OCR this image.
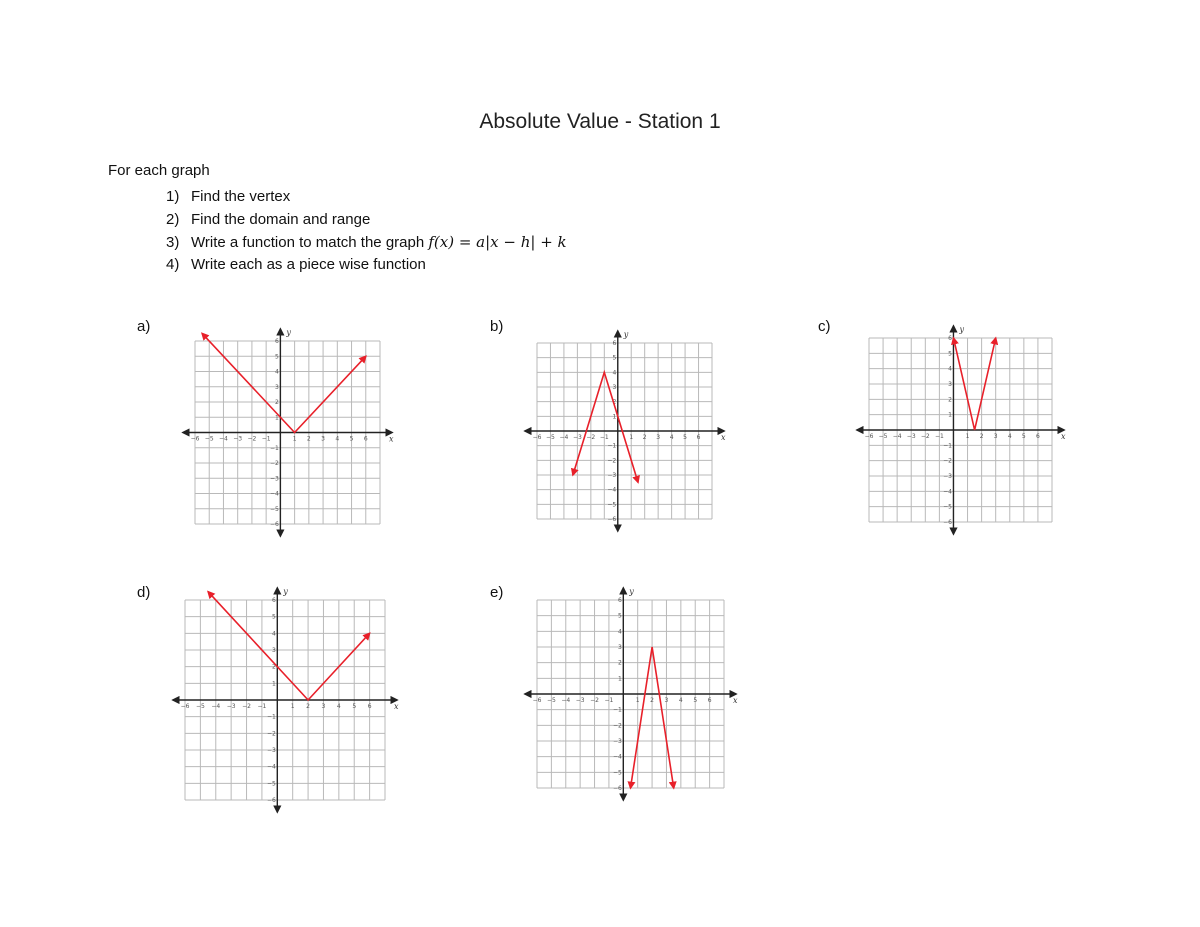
Absolute Value - Station 1
For each graph
1) Find the vertex
2) Find the domain and range
3) Write a function to match the graph f(x) = a|x − h| + k
4) Write each as a piece wise function
a)	b)	c)
d)	e)
−6 −5 −4 −3 −2 −1	1 2 3 4 5 6
−6
−5
−4
−3
−2
−1
1
2
3
4
5
6
x
y
−6 −5 −4 −3 −2 −1	1 2 3 4 5 6
−6
−5
−4
−3
−2
−1
1
2
3
4
5
6
x
y
−6 −5 −4 −3 −2 −1	1 2 3 4 5 6
−6
−5
−4
−3
−2
−1
1
2
3
4
5
6
x
y
−6 −5 −4 −3 −2 −1	1 2 3 4 5 6
−6
−5
−4
−3
−2
−1
1
2
3
4
5
6
x
y
−6 −5 −4 −3 −2 −1	1 2 3 4 5 6
−6
−5
−4
−3
−2
−1
1
2
3
4
5
6
x
y
